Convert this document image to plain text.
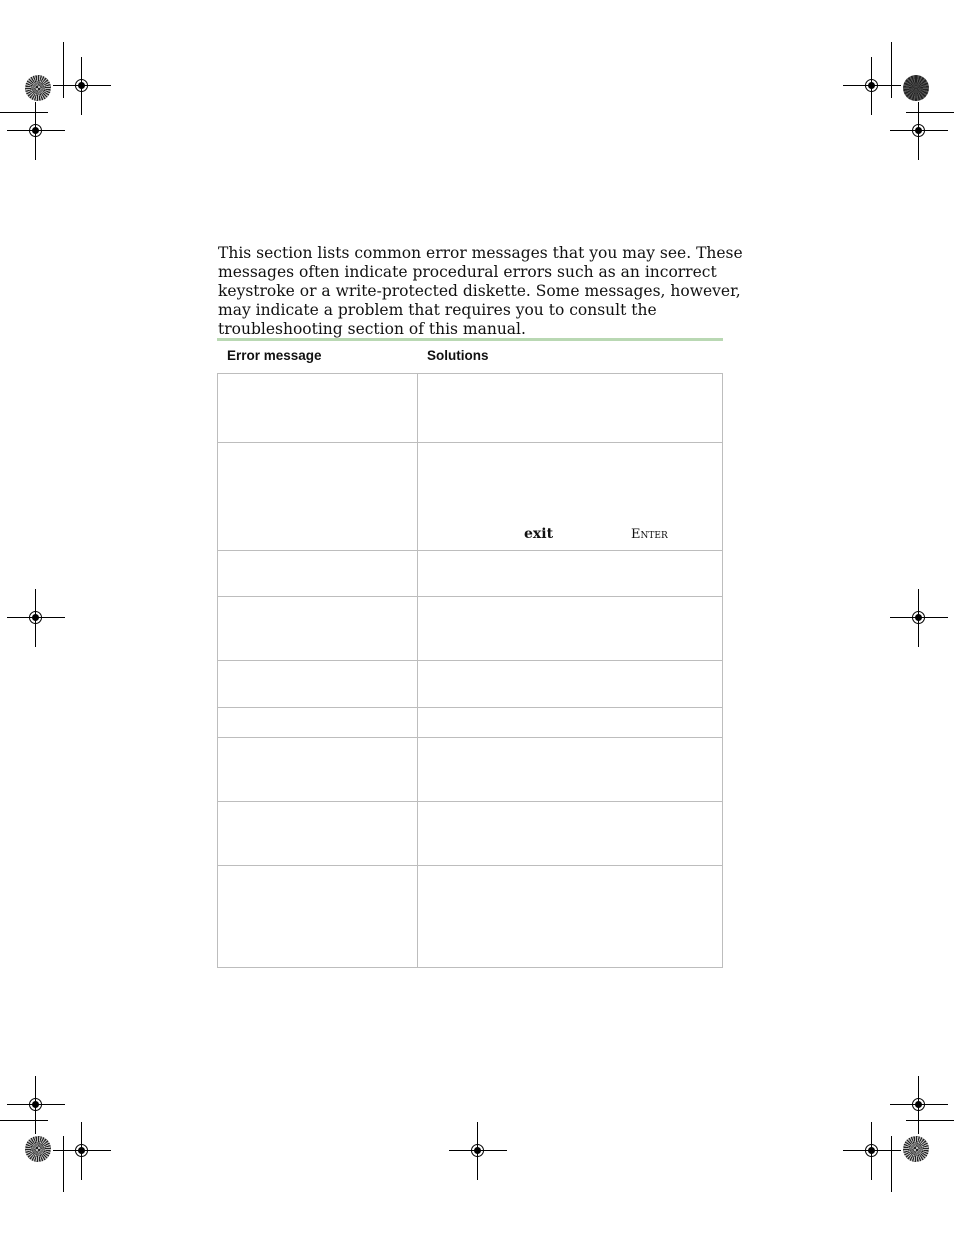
This section lists common error messages that you may see. These messages often indicate procedural errors such as an incorrect keystroke or a write-protected diskette. Some messages, however, may indicate a problem that requires you to consult the troubleshooting section of this manual.

Error message	Solutions
exit	Enter
